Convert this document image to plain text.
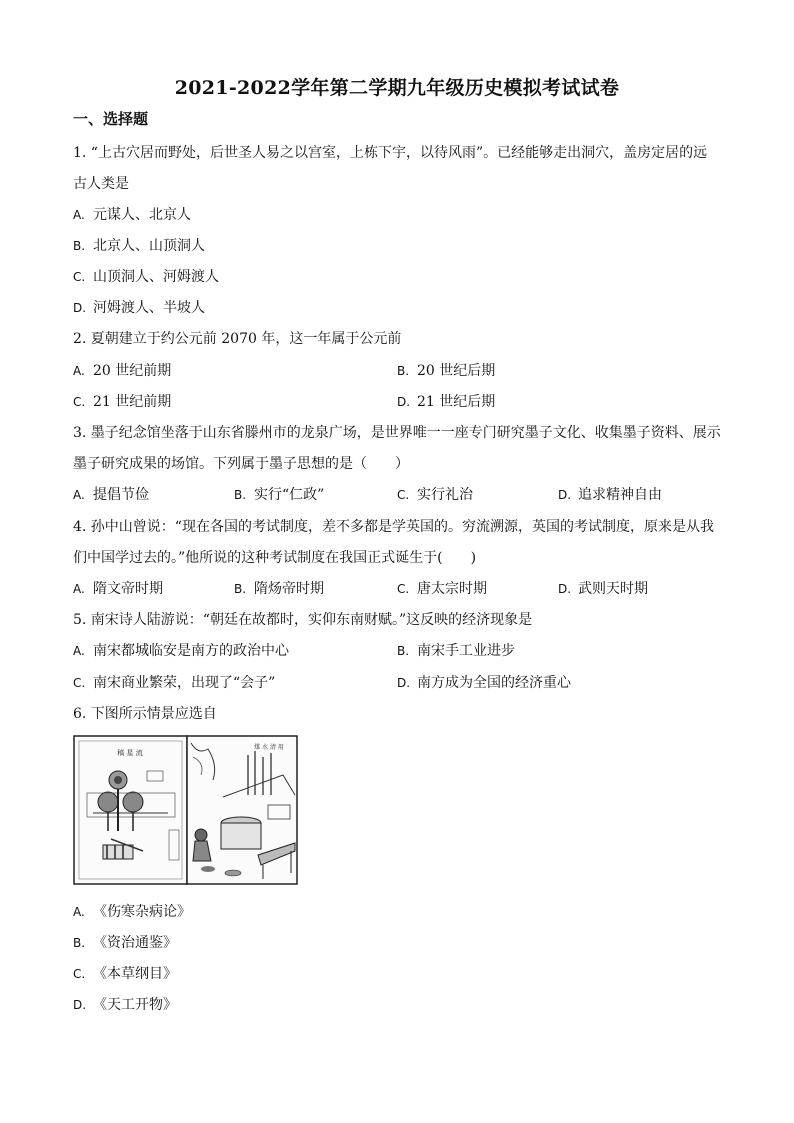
2021-2022学年第二学期九年级历史模拟考试试卷
一、选择题
1. “上古穴居而野处，后世圣人易之以宫室，上栋下宇，以待风雨”。已经能够走出洞穴，盖房定居的远
古人类是
A. 元谋人、北京人
B. 北京人、山顶洞人
C. 山顶洞人、河姆渡人
D. 河姆渡人、半坡人
2. 夏朝建立于约公元前 2070 年，这一年属于公元前
A. 20 世纪前期	B. 20 世纪后期
C. 21 世纪前期	D. 21 世纪后期
3. 墨子纪念馆坐落于山东省滕州市的龙泉广场，是世界唯一一座专门研究墨子文化、收集墨子资料、展示
墨子研究成果的场馆。下列属于墨子思想的是（　　）
A. 提倡节俭	B. 实行“仁政”	C. 实行礼治	D. 追求精神自由
4. 孙中山曾说：“现在各国的考试制度，差不多都是学英国的。穷流溯源，英国的考试制度，原来是从我
们中国学过去的。”他所说的这种考试制度在我国正式诞生于(　　)
A. 隋文帝时期	B. 隋炀帝时期	C. 唐太宗时期	D. 武则天时期
5. 南宋诗人陆游说：“朝廷在故都时，实仰东南财赋。”这反映的经济现象是
A. 南宋都城临安是南方的政治中心	B. 南宋手工业进步
C. 南宋商业繁荣，出现了“会子”	D. 南方成为全国的经济重心
6. 下图所示情景应选自
稿 星 流
煤 水 清 用
A. 《伤寒杂病论》
B. 《资治通鉴》
C. 《本草纲目》
D. 《天工开物》
